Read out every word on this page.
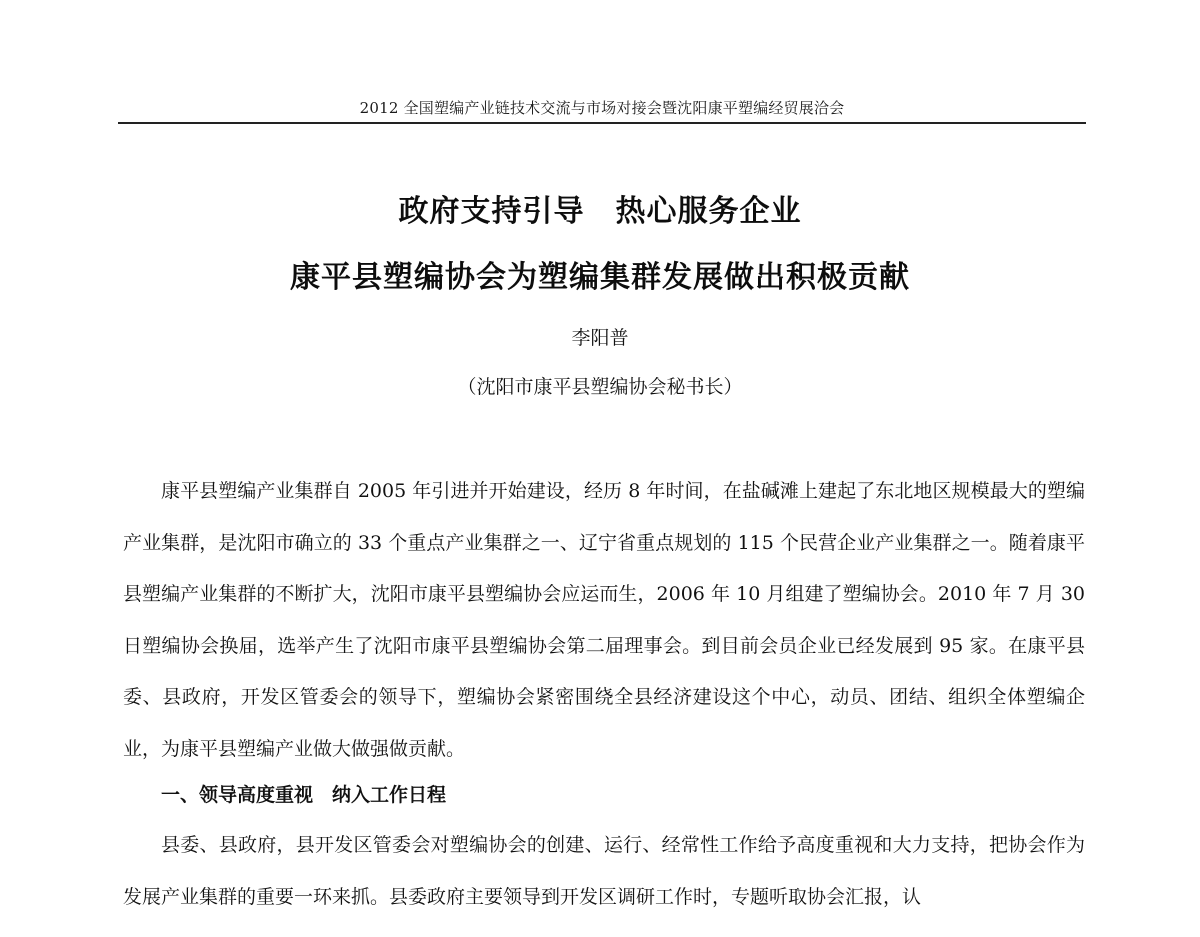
2012 全国塑编产业链技术交流与市场对接会暨沈阳康平塑编经贸展洽会
政府支持引导　热心服务企业
康平县塑编协会为塑编集群发展做出积极贡献
李阳普
（沈阳市康平县塑编协会秘书长）

康平县塑编产业集群自 2005 年引进并开始建设，经历 8 年时间，在盐碱滩上建起了东北地区规模最大的塑编产业集群，是沈阳市确立的 33 个重点产业集群之一、辽宁省重点规划的 115 个民营企业产业集群之一。随着康平县塑编产业集群的不断扩大，沈阳市康平县塑编协会应运而生，2006 年 10 月组建了塑编协会。2010 年 7 月 30 日塑编协会换届，选举产生了沈阳市康平县塑编协会第二届理事会。到目前会员企业已经发展到 95 家。在康平县委、县政府，开发区管委会的领导下，塑编协会紧密围绕全县经济建设这个中心，动员、团结、组织全体塑编企业，为康平县塑编产业做大做强做贡献。

一、领导高度重视　纳入工作日程

县委、县政府，县开发区管委会对塑编协会的创建、运行、经常性工作给予高度重视和大力支持，把协会作为发展产业集群的重要一环来抓。县委政府主要领导到开发区调研工作时，专题听取协会汇报，认
